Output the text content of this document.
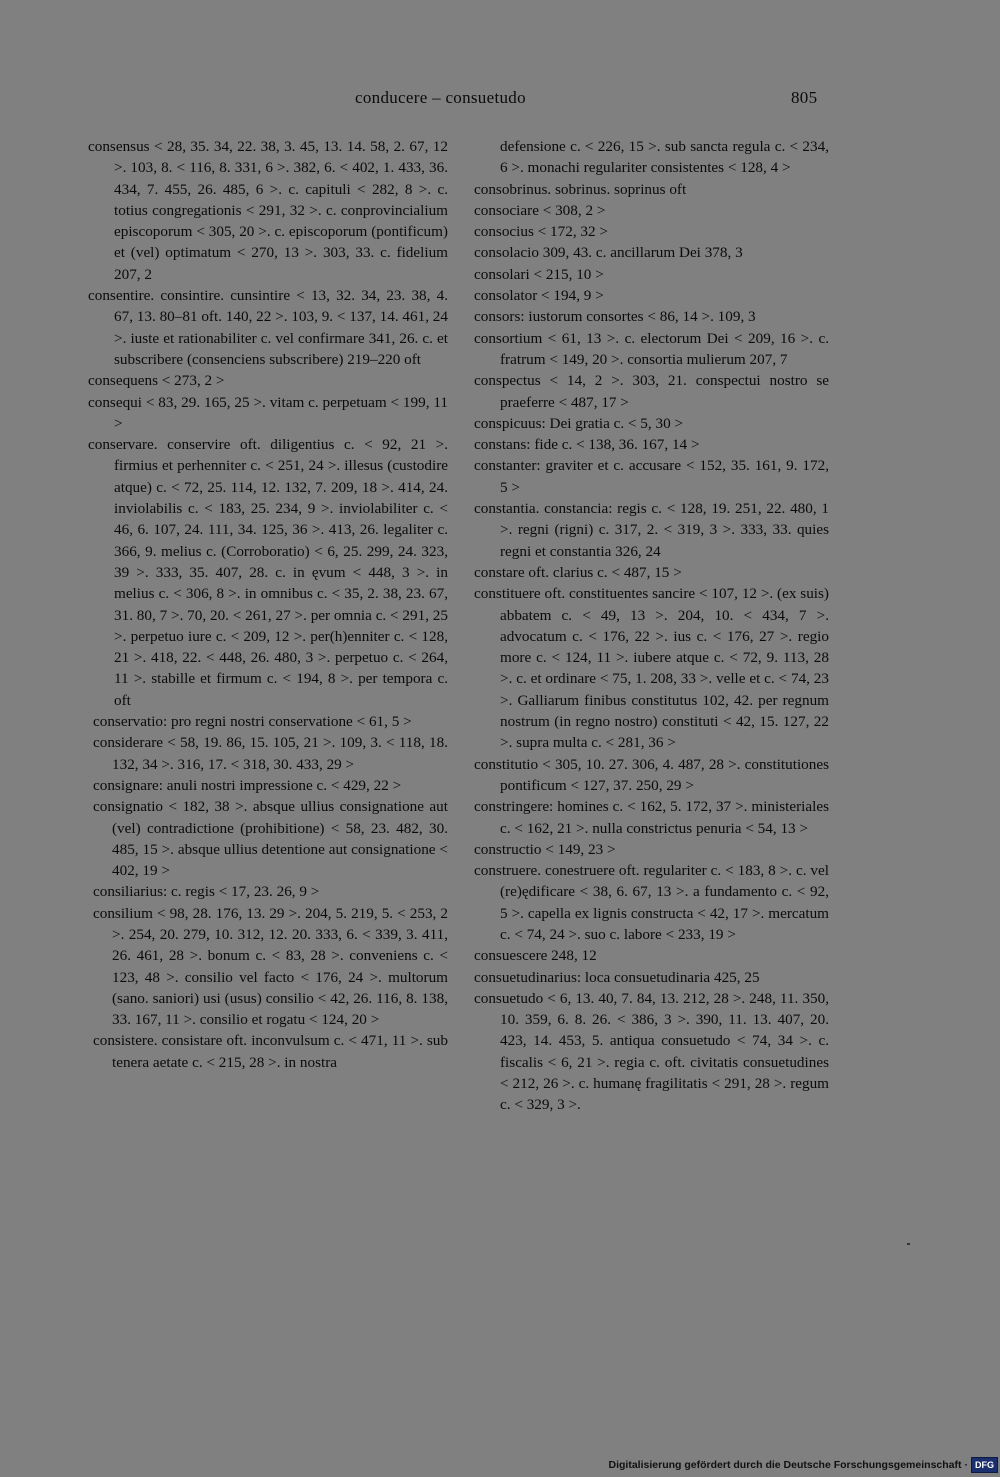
conducere – consuetudo	805

consensus < 28, 35. 34, 22. 38, 3. 45, 13. 14. 58, 2. 67, 12 >. 103, 8. < 116, 8. 331, 6 >. 382, 6. < 402, 1. 433, 36. 434, 7. 455, 26. 485, 6 >. c. capituli < 282, 8 >. c. totius congregationis < 291, 32 >. c. conprovincialium episcoporum < 305, 20 >. c. episcoporum (pontificum) et (vel) optimatum < 270, 13 >. 303, 33. c. fidelium 207, 2

consentire. consintire. cunsintire < 13, 32. 34, 23. 38, 4. 67, 13. 80–81 oft. 140, 22 >. 103, 9. < 137, 14. 461, 24 >. iuste et rationabiliter c. vel confirmare 341, 26. c. et subscribere (consenciens subscribere) 219–220 oft

consequens < 273, 2 >

consequi < 83, 29. 165, 25 >. vitam c. perpetuam < 199, 11 >

conservare. conservire oft. diligentius c. < 92, 21 >. firmius et perhenniter c. < 251, 24 >. illesus (custodire atque) c. < 72, 25. 114, 12. 132, 7. 209, 18 >. 414, 24. inviolabilis c. < 183, 25. 234, 9 >. inviolabiliter c. < 46, 6. 107, 24. 111, 34. 125, 36 >. 413, 26. legaliter c. 366, 9. melius c. (Corroboratio) < 6, 25. 299, 24. 323, 39 >. 333, 35. 407, 28. c. in ęvum < 448, 3 >. in melius c. < 306, 8 >. in omnibus c. < 35, 2. 38, 23. 67, 31. 80, 7 >. 70, 20. < 261, 27 >. per omnia c. < 291, 25 >. perpetuo iure c. < 209, 12 >. per(h)enniter c. < 128, 21 >. 418, 22. < 448, 26. 480, 3 >. perpetuo c. < 264, 11 >. stabille et firmum c. < 194, 8 >. per tempora c. oft

conservatio: pro regni nostri conservatione < 61, 5 >

considerare < 58, 19. 86, 15. 105, 21 >. 109, 3. < 118, 18. 132, 34 >. 316, 17. < 318, 30. 433, 29 >

consignare: anuli nostri impressione c. < 429, 22 >

consignatio < 182, 38 >. absque ullius consignatione aut (vel) contradictione (prohibitione) < 58, 23. 482, 30. 485, 15 >. absque ullius detentione aut consignatione < 402, 19 >

consiliarius: c. regis < 17, 23. 26, 9 >

consilium < 98, 28. 176, 13. 29 >. 204, 5. 219, 5. < 253, 2 >. 254, 20. 279, 10. 312, 12. 20. 333, 6. < 339, 3. 411, 26. 461, 28 >. bonum c. < 83, 28 >. conveniens c. < 123, 48 >. consilio vel facto < 176, 24 >. multorum (sano. saniori) usi (usus) consilio < 42, 26. 116, 8. 138, 33. 167, 11 >. consilio et rogatu < 124, 20 >

consistere. consistare oft. inconvulsum c. < 471, 11 >. sub tenera aetate c. < 215, 28 >. in nostra

defensione c. < 226, 15 >. sub sancta regula c. < 234, 6 >. monachi regulariter consistentes < 128, 4 >

consobrinus. sobrinus. soprinus oft

consociare < 308, 2 >

consocius < 172, 32 >

consolacio 309, 43. c. ancillarum Dei 378, 3

consolari < 215, 10 >

consolator < 194, 9 >

consors: iustorum consortes < 86, 14 >. 109, 3

consortium < 61, 13 >. c. electorum Dei < 209, 16 >. c. fratrum < 149, 20 >. consortia mulierum 207, 7

conspectus < 14, 2 >. 303, 21. conspectui nostro se praeferre < 487, 17 >

conspicuus: Dei gratia c. < 5, 30 >

constans: fide c. < 138, 36. 167, 14 >

constanter: graviter et c. accusare < 152, 35. 161, 9. 172, 5 >

constantia. constancia: regis c. < 128, 19. 251, 22. 480, 1 >. regni (rigni) c. 317, 2. < 319, 3 >. 333, 33. quies regni et constantia 326, 24

constare oft. clarius c. < 487, 15 >

constituere oft. constituentes sancire < 107, 12 >. (ex suis) abbatem c. < 49, 13 >. 204, 10. < 434, 7 >. advocatum c. < 176, 22 >. ius c. < 176, 27 >. regio more c. < 124, 11 >. iubere atque c. < 72, 9. 113, 28 >. c. et ordinare < 75, 1. 208, 33 >. velle et c. < 74, 23 >. Galliarum finibus constitutus 102, 42. per regnum nostrum (in regno nostro) constituti < 42, 15. 127, 22 >. supra multa c. < 281, 36 >

constitutio < 305, 10. 27. 306, 4. 487, 28 >. constitutiones pontificum < 127, 37. 250, 29 >

constringere: homines c. < 162, 5. 172, 37 >. ministeriales c. < 162, 21 >. nulla constrictus penuria < 54, 13 >

constructio < 149, 23 >

construere. conestruere oft. regulariter c. < 183, 8 >. c. vel (re)ędificare < 38, 6. 67, 13 >. a fundamento c. < 92, 5 >. capella ex lignis constructa < 42, 17 >. mercatum c. < 74, 24 >. suo c. labore < 233, 19 >

consuescere 248, 12

consuetudinarius: loca consuetudinaria 425, 25

consuetudo < 6, 13. 40, 7. 84, 13. 212, 28 >. 248, 11. 350, 10. 359, 6. 8. 26. < 386, 3 >. 390, 11. 13. 407, 20. 423, 14. 453, 5. antiqua consuetudo < 74, 34 >. c. fiscalis < 6, 21 >. regia c. oft. civitatis consuetudines < 212, 26 >. c. humanę fragilitatis < 291, 28 >. regum c. < 329, 3 >.

Digitalisierung gefördert durch die Deutsche Forschungsgemeinschaft · DFG
